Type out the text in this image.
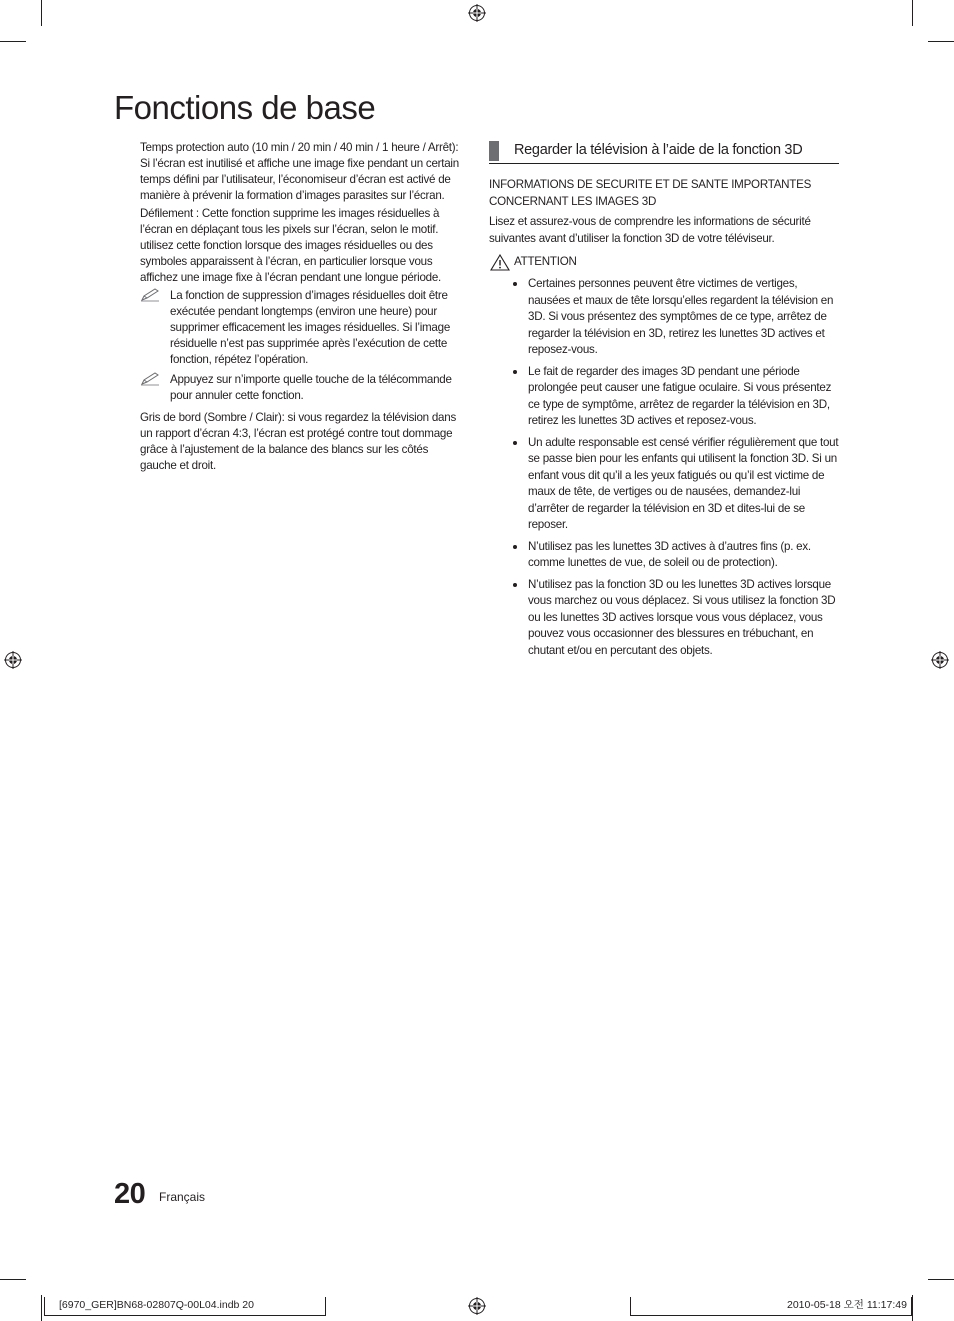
Fonctions de base

Temps protection auto (10 min / 20 min / 40 min / 1 heure / Arrêt): Si l’écran est inutilisé et affiche une image fixe pendant un certain temps défini par l’utilisateur, l’économiseur d’écran est activé de manière à prévenir la formation d’images parasites sur l’écran.

Défilement : Cette fonction supprime les images résiduelles à l’écran en déplaçant tous les pixels sur l’écran, selon le motif. utilisez cette fonction lorsque des images résiduelles ou des symboles apparaissent à l’écran, en particulier lorsque vous affichez une image fixe à l’écran pendant une longue période.

La fonction de suppression d’images résiduelles doit être exécutée pendant longtemps (environ une heure) pour supprimer efficacement les images résiduelles. Si l’image résiduelle n’est pas supprimée après l’exécution de cette fonction, répétez l’opération.
Appuyez sur n’importe quelle touche de la télécommande pour annuler cette fonction.

Gris de bord (Sombre / Clair): si vous regardez la télévision dans un rapport d’écran 4:3, l’écran est protégé contre tout dommage grâce à l’ajustement de la balance des blancs sur les côtés gauche et droit.

Regarder la télévision à l’aide de la fonction 3D

INFORMATIONS DE SECURITE ET DE SANTE IMPORTANTES CONCERNANT LES IMAGES 3D

Lisez et assurez-vous de comprendre les informations de sécurité suivantes avant d’utiliser la fonction 3D de votre téléviseur.

ATTENTION
Certaines personnes peuvent être victimes de vertiges, nausées et maux de tête lorsqu’elles regardent la télévision en 3D. Si vous présentez des symptômes de ce type, arrêtez de regarder la télévision en 3D, retirez les lunettes 3D actives et reposez-vous.
Le fait de regarder des images 3D pendant une période prolongée peut causer une fatigue oculaire. Si vous présentez ce type de symptôme, arrêtez de regarder la télévision en 3D, retirez les lunettes 3D actives et reposez-vous.
Un adulte responsable est censé vérifier régulièrement que tout se passe bien pour les enfants qui utilisent la fonction 3D. Si un enfant vous dit qu’il a les yeux fatigués ou qu’il est victime de maux de tête, de vertiges ou de nausées, demandez-lui d’arrêter de regarder la télévision en 3D et dites-lui de se reposer.
N’utilisez pas les lunettes 3D actives à d’autres fins (p. ex. comme lunettes de vue, de soleil ou de protection).
N’utilisez pas la fonction 3D ou les lunettes 3D actives lorsque vous marchez ou vous déplacez. Si vous utilisez la fonction 3D ou les lunettes 3D actives lorsque vous vous déplacez, vous pouvez vous occasionner des blessures en trébuchant, en chutant et/ou en percutant des objets.
20 Français
[6970_GER]BN68-02807Q-00L04.indb 20	2010-05-18 오전 11:17:49
